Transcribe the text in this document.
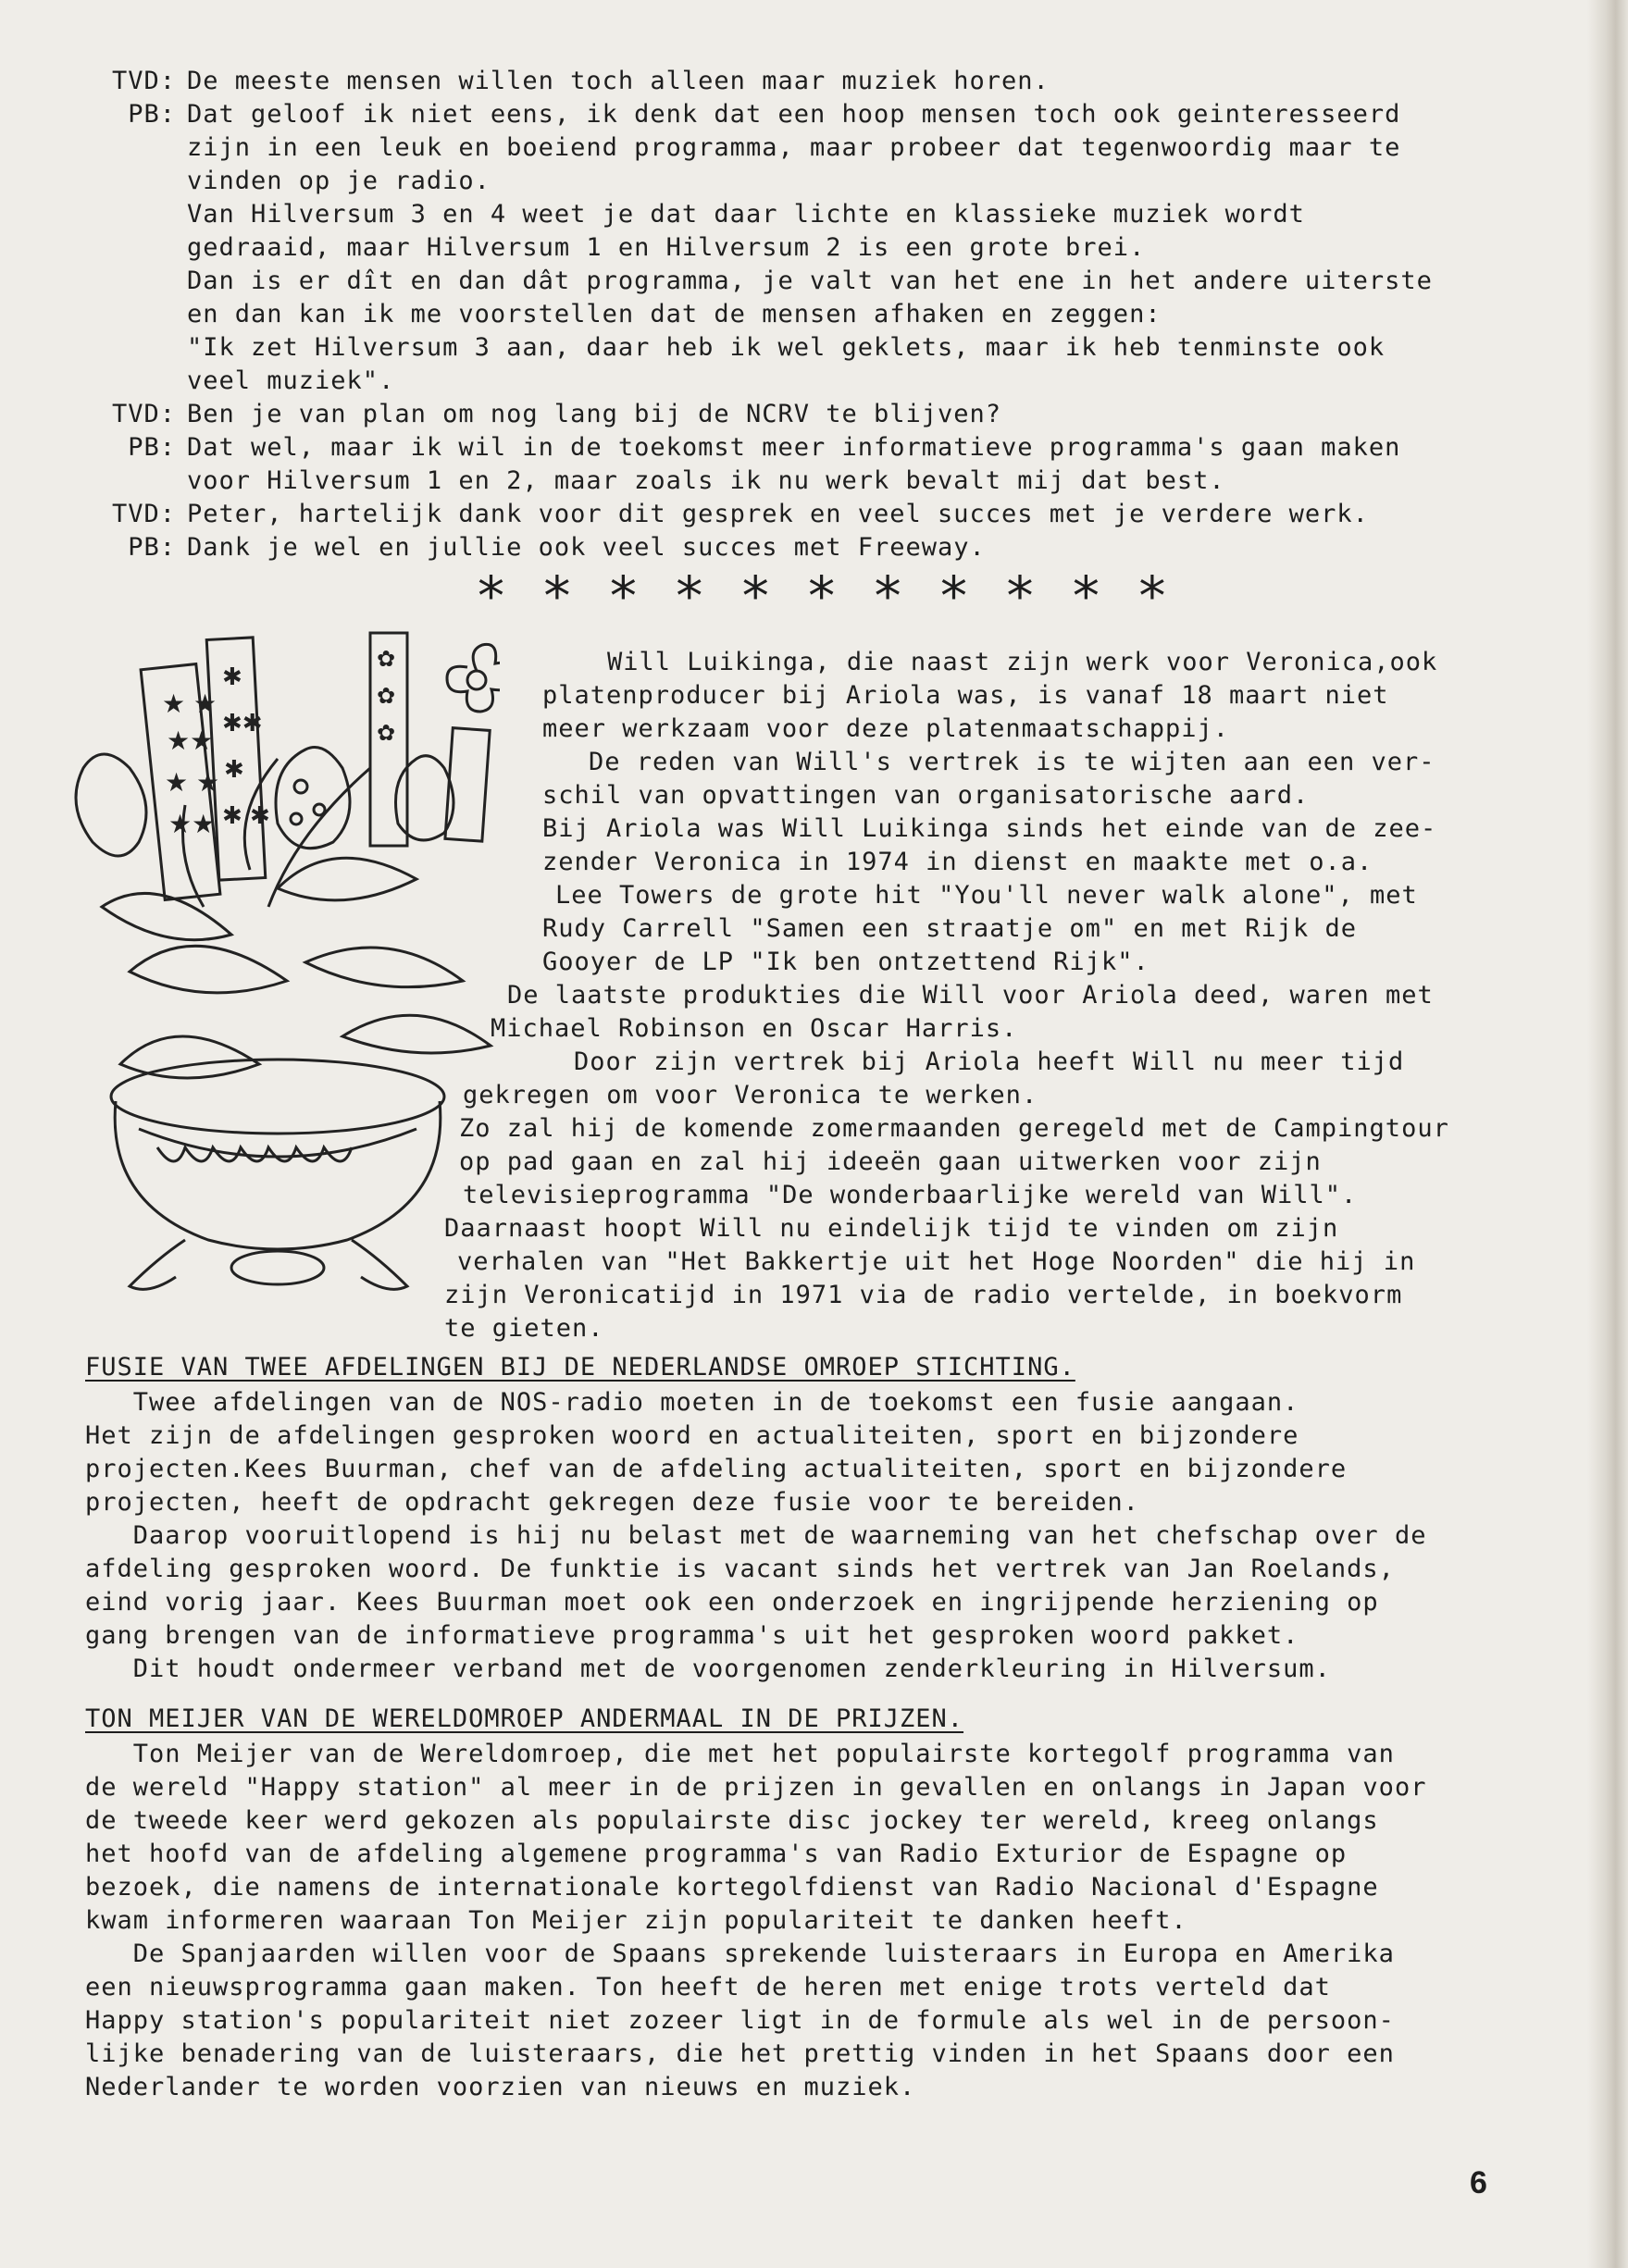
TVD: De meeste mensen willen toch alleen maar muziek horen.
PB: Dat geloof ik niet eens, ik denk dat een hoop mensen toch ook geinteresseerd
zijn in een leuk en boeiend programma, maar probeer dat tegenwoordig maar te
vinden op je radio.
Van Hilversum 3 en 4 weet je dat daar lichte en klassieke muziek wordt
gedraaid, maar Hilversum 1 en Hilversum 2 is een grote brei.
Dan is er dît en dan dât programma, je valt van het ene in het andere uiterste
en dan kan ik me voorstellen dat de mensen afhaken en zeggen:
"Ik zet Hilversum 3 aan, daar heb ik wel geklets, maar ik heb tenminste ook
veel muziek".
TVD: Ben je van plan om nog lang bij de NCRV te blijven?
PB: Dat wel, maar ik wil in de toekomst meer informatieve programma's gaan maken
voor Hilversum 1 en 2, maar zoals ik nu werk bevalt mij dat best.
TVD: Peter, hartelijk dank voor dit gesprek en veel succes met je verdere werk.
PB: Dank je wel en jullie ook veel succes met Freeway.
* * * * * * * * * * *
★ ★
★★
★ ★
★★
✱
✱✱
✱
✱ ✱
✿
✿
✿
Will Luikinga, die naast zijn werk voor Veronica,ook
platenproducer bij Ariola was, is vanaf 18 maart niet
meer werkzaam voor deze platenmaatschappij.
De reden van Will's vertrek is te wijten aan een ver-
schil van opvattingen van organisatorische aard.
Bij Ariola was Will Luikinga sinds het einde van de zee-
zender Veronica in 1974 in dienst en maakte met o.a.
Lee Towers de grote hit "You'll never walk alone", met
Rudy Carrell "Samen een straatje om" en met Rijk de
Gooyer de LP "Ik ben ontzettend Rijk".
De laatste produkties die Will voor Ariola deed, waren met
Michael Robinson en Oscar Harris.
Door zijn vertrek bij Ariola heeft Will nu meer tijd
gekregen om voor Veronica te werken.
Zo zal hij de komende zomermaanden geregeld met de Campingtour
op pad gaan en zal hij ideeën gaan uitwerken voor zijn
televisieprogramma "De wonderbaarlijke wereld van Will".
Daarnaast hoopt Will nu eindelijk tijd te vinden om zijn
verhalen van "Het Bakkertje uit het Hoge Noorden" die hij in
zijn Veronicatijd in 1971 via de radio vertelde, in boekvorm
te gieten.
FUSIE VAN TWEE AFDELINGEN BIJ DE NEDERLANDSE OMROEP STICHTING.
Twee afdelingen van de NOS-radio moeten in de toekomst een fusie aangaan.
Het zijn de afdelingen gesproken woord en actualiteiten, sport en bijzondere
projecten.Kees Buurman, chef van de afdeling actualiteiten, sport en bijzondere
projecten, heeft de opdracht gekregen deze fusie voor te bereiden.
Daarop vooruitlopend is hij nu belast met de waarneming van het chefschap over de
afdeling gesproken woord. De funktie is vacant sinds het vertrek van Jan Roelands,
eind vorig jaar. Kees Buurman moet ook een onderzoek en ingrijpende herziening op
gang brengen van de informatieve programma's uit het gesproken woord pakket.
Dit houdt ondermeer verband met de voorgenomen zenderkleuring in Hilversum.
TON MEIJER VAN DE WERELDOMROEP ANDERMAAL IN DE PRIJZEN.
Ton Meijer van de Wereldomroep, die met het populairste kortegolf programma van
de wereld "Happy station" al meer in de prijzen in gevallen en onlangs in Japan voor
de tweede keer werd gekozen als populairste disc jockey ter wereld, kreeg onlangs
het hoofd van de afdeling algemene programma's van Radio Exturior de Espagne op
bezoek, die namens de internationale kortegolfdienst van Radio Nacional d'Espagne
kwam informeren waaraan Ton Meijer zijn populariteit te danken heeft.
De Spanjaarden willen voor de Spaans sprekende luisteraars in Europa en Amerika
een nieuwsprogramma gaan maken. Ton heeft de heren met enige trots verteld dat
Happy station's populariteit niet zozeer ligt in de formule als wel in de persoon-
lijke benadering van de luisteraars, die het prettig vinden in het Spaans door een
Nederlander te worden voorzien van nieuws en muziek.
6
